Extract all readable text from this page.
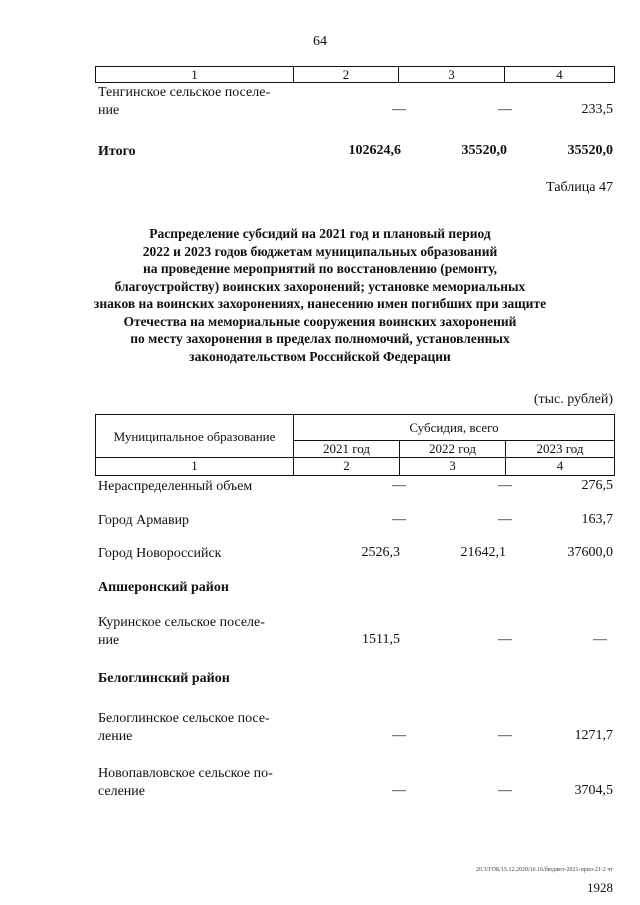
64
1	2	3	4
Тенгинское сельское поселе-
ние	—	—	233,5
Итого	102624,6	35520,0	35520,0
Таблица 47
Распределение субсидий на 2021 год и плановый период
2022 и 2023 годов бюджетам муниципальных образований
на проведение мероприятий по восстановлению (ремонту,
благоустройству) воинских захоронений; установке мемориальных
знаков на воинских захоронениях, нанесению имен погибших при защите
Отечества на мемориальные сооружения воинских захоронений
по месту захоронения в пределах полномочий, установленных
законодательством Российской Федерации
(тыс. рублей)
Муниципальное образование
Субсидия, всего
2021 год	2022 год	2023 год
1	2	3	4
Нераспределенный объем	—	—	276,5
Город Армавир	—	—	163,7
Город Новороссийск	2526,3	21642,1	37600,0
Апшеронский район
Куринское сельское поселе-
ние	1511,5	—	—
Белоглинский район
Белоглинское сельское посе-
ление	—	—	1271,7
Новопавловское сельское по-
селение	—	—	3704,5
20.3/ГОБ/15.12.2020/16.16/бюджет-2021-прил-21-2 чт
1928
